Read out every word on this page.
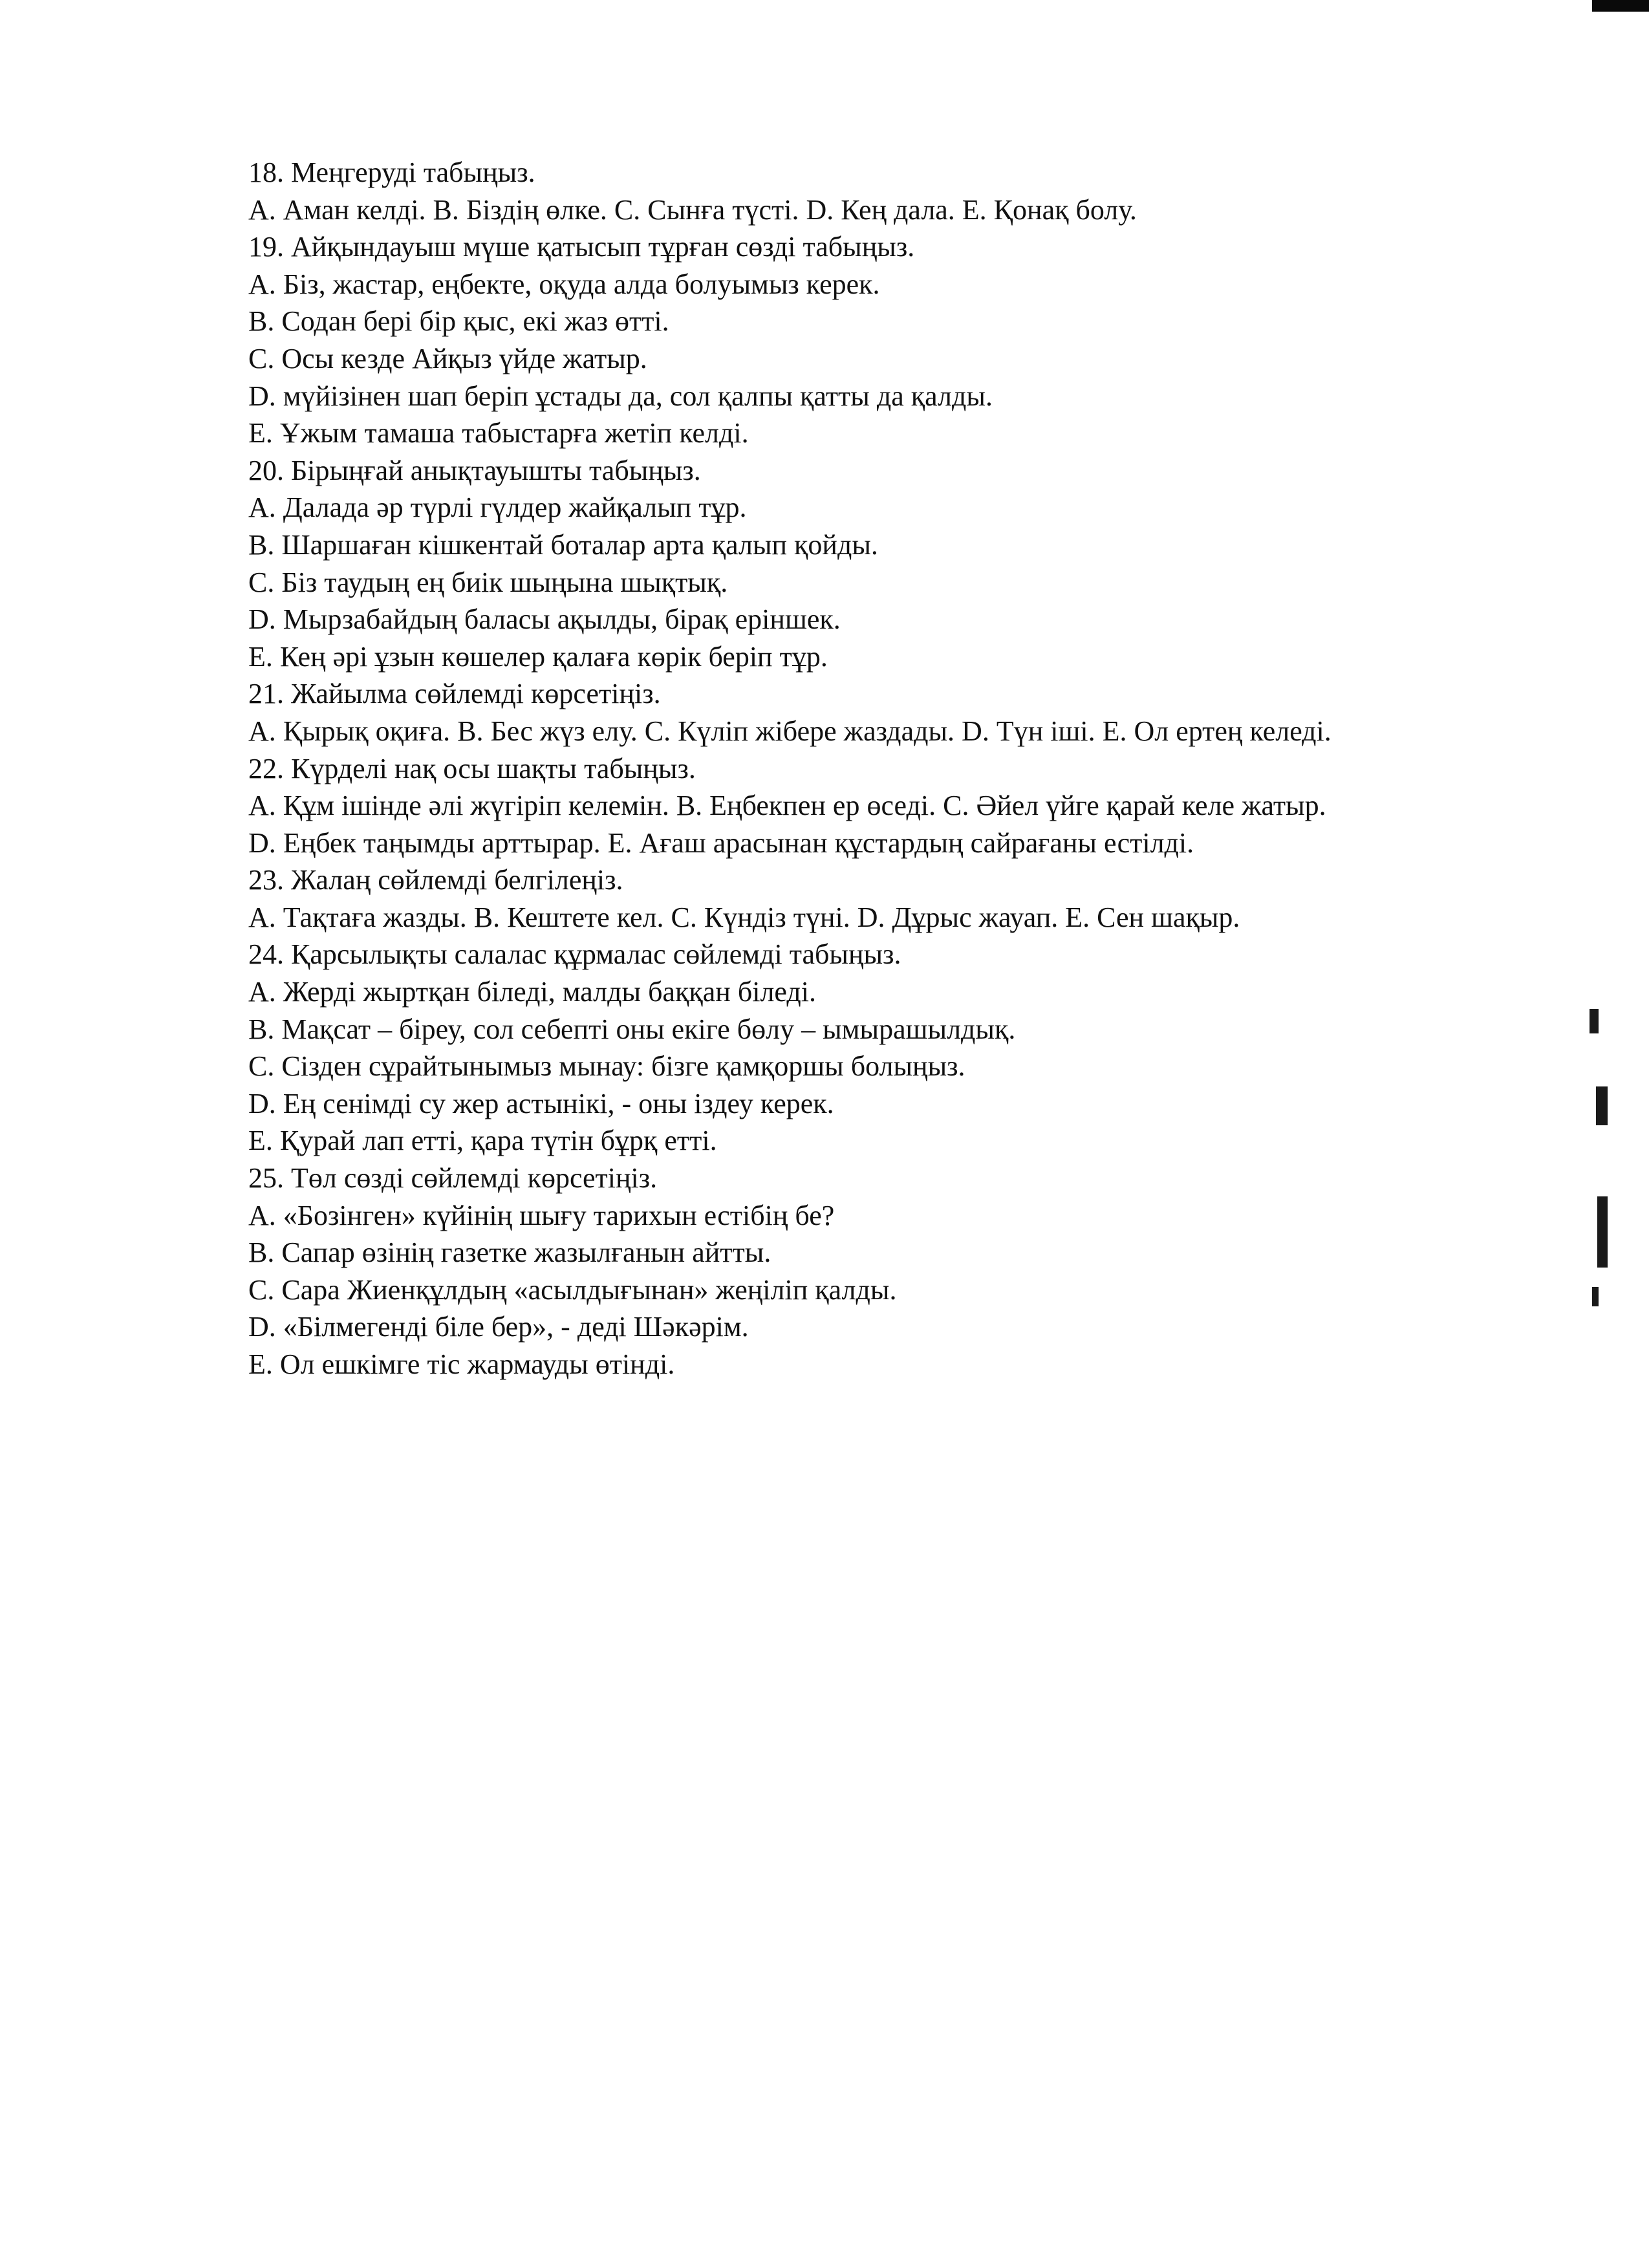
18. Меңгеруді табыңыз.

A. Аман келді. B. Біздің өлке. C. Сынға түсті. D. Кең дала. E. Қонақ болу.

19. Айқындауыш мүше қатысып тұрған сөзді табыңыз.

A. Біз, жастар, еңбекте, оқуда алда болуымыз керек.

B. Содан бері бір қыс, екі жаз өтті.

C. Осы кезде Айқыз үйде жатыр.

D. мүйізінен шап беріп ұстады да, сол қалпы қатты да қалды.

E. Ұжым тамаша табыстарға жетіп келді.

20. Бірыңғай анықтауышты табыңыз.

A. Далада әр түрлі гүлдер жайқалып тұр.

B. Шаршаған кішкентай боталар арта қалып қойды.

C. Біз таудың ең биік шыңына шықтық.

D. Мырзабайдың баласы ақылды, бірақ еріншек.

E. Кең әрі ұзын көшелер қалаға көрік беріп тұр.

21. Жайылма сөйлемді көрсетіңіз.

A. Қырық оқиға. B. Бес жүз елу. C. Күліп жібере жаздады. D. Түн іші. E. Ол ертең келеді.

22. Күрделі нақ осы шақты табыңыз.

A. Құм ішінде әлі жүгіріп келемін. B. Еңбекпен ер өседі. C. Әйел үйге қарай келе жатыр.

D. Еңбек таңымды арттырар. E. Ағаш арасынан құстардың сайрағаны естілді.

23. Жалаң сөйлемді белгілеңіз.

A. Тақтаға жазды. B. Кештете кел. C. Күндіз түні. D. Дұрыс жауап. E. Сен шақыр.

24. Қарсылықты салалас құрмалас сөйлемді табыңыз.

A. Жерді жыртқан біледі, малды баққан біледі.

B. Мақсат – біреу, сол себепті оны екіге бөлу – ымырашылдық.

C. Сізден сұрайтынымыз мынау: бізге қамқоршы болыңыз.

D. Ең сенімді су жер астынікі, - оны іздеу керек.

E. Қурай лап етті, қара түтін бұрқ етті.

25. Төл сөзді сөйлемді көрсетіңіз.

A. «Бозінген» күйінің шығу тарихын естібің бе?

B. Сапар өзінің газетке жазылғанын айтты.

C. Сара Жиенқұлдың «асылдығынан» жеңіліп қалды.

D. «Білмегенді біле бер», - деді Шәкәрім.

E. Ол ешкімге тіс жармауды өтінді.
